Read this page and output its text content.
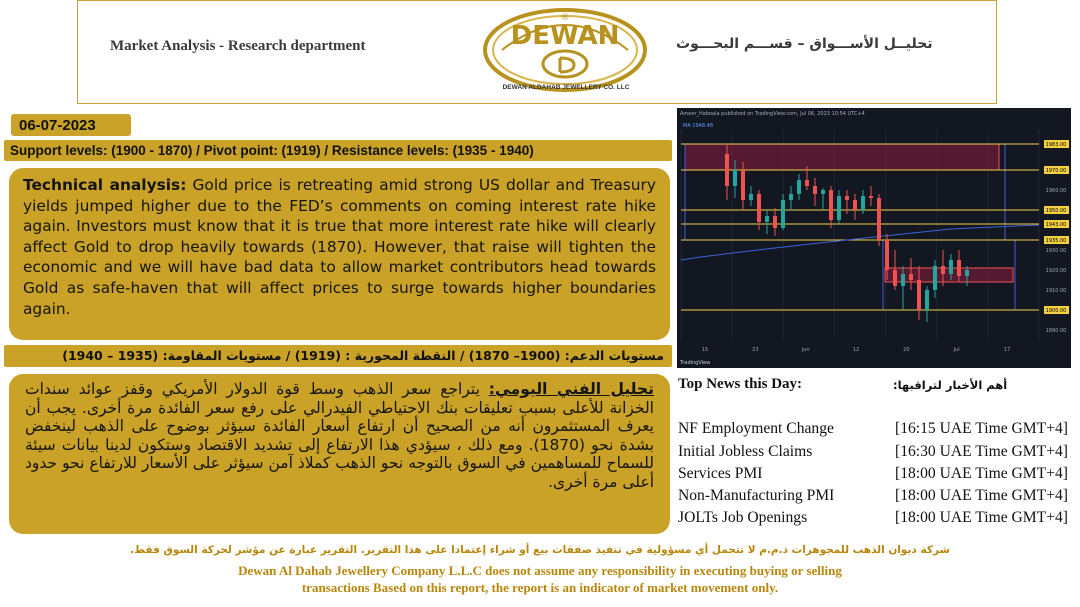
Market Analysis - Research department	تحليــل الأســـواق – قســـم البحـــوث
DEWAN
®
DEWAN ALDAHAB JEWELLERY CO. LLC
06-07-2023
Support levels: (1900 - 1870) / Pivot point: (1919) / Resistance levels: (1935 - 1940)
Technical analysis: Gold price is retreating amid strong US dollar and Treasury yields jumped higher due to the FED’s comments on coming interest rate hike again. Investors must know that it is true that more interest rate hike will clearly affect Gold to drop heavily towards (1870). However, that raise will tighten the economic and we will have bad data to allow market contributors head towards Gold as safe-haven that will affect prices to surge towards higher boundaries again.
مستويات الدعم: (1900– 1870) / النقطة المحورية : (1919) / مستويات المقاومة: (1935 – 1940)
تحليل الفني اليومي: يتراجع سعر الذهب وسط قوة الدولار الأمريكي وقفز عوائد سندات الخزانة للأعلى بسبب تعليقات بنك الاحتياطي الفيدرالي على رفع سعر الفائدة مرة أخرى. يجب أن يعرف المستثمرون أنه من الصحيح أن ارتفاع أسعار الفائدة سيؤثر بوضوح على الذهب لينخفض بشدة نحو (1870). ومع ذلك ، سيؤدي هذا الارتفاع إلى تشديد الاقتصاد وستكون لدينا بيانات سيئة للسماح للمساهمين في السوق بالتوجه نحو الذهب كملاذ آمن سيؤثر على الأسعار للارتفاع نحو حدود أعلى مرة أخرى.
Ameer_Haboala published on TradingView.com, Jul 06, 2023 10:54 UTC+4
MA 1948.48
1983.00
1970.00
1960.00
1950.00
1943.00
1935.00
1930.00
1920.00
1910.00
1900.00
1890.00
15	23	Jun	12	20	Jul	17
TradingView
Top News this Day:	أهم الأخبار لتراقبها:
NF Employment Change	[16:15 UAE Time GMT+4]
Initial Jobless Claims	[16:30 UAE Time GMT+4]
Services PMI	[18:00 UAE Time GMT+4]
Non-Manufacturing PMI	[18:00 UAE Time GMT+4]
JOLTs Job Openings	[18:00 UAE Time GMT+4]
شركة ديوان الذهب للمجوهرات ذ.م.م لا تتحمل أي مسؤولية في تنفيذ صفقات بيع أو شراء إعتمادا على هذا التقرير. التقرير عبارة عن مؤشر لحركة السوق فقط.
Dewan Al Dahab Jewellery Company L.L.C does not assume any responsibility in executing buying or selling
transactions Based on this report, the report is an indicator of market movement only.
